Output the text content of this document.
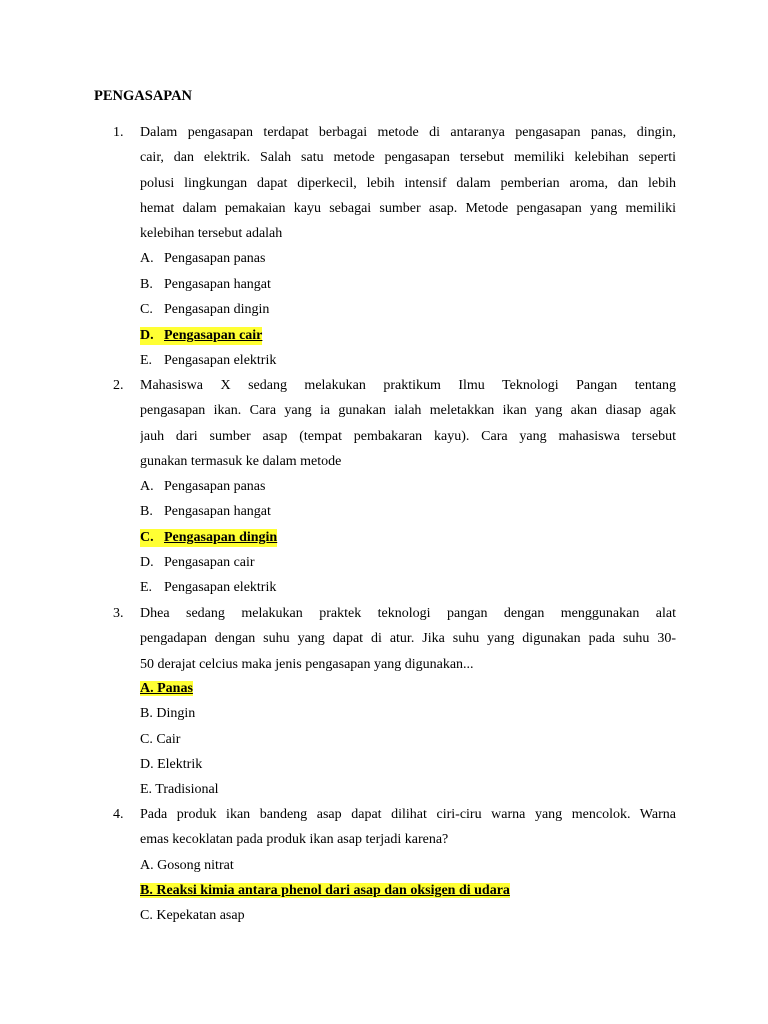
PENGASAPAN
1. Dalam pengasapan terdapat berbagai metode di antaranya pengasapan panas, dingin,
cair, dan elektrik. Salah satu metode pengasapan tersebut memiliki kelebihan seperti
polusi lingkungan dapat diperkecil, lebih intensif dalam pemberian aroma, dan lebih
hemat dalam pemakaian kayu sebagai sumber asap. Metode pengasapan yang memiliki
kelebihan tersebut adalah
A. Pengasapan panas
B. Pengasapan hangat
C. Pengasapan dingin
D. Pengasapan cair
E. Pengasapan elektrik
2. Mahasiswa X sedang melakukan praktikum Ilmu Teknologi Pangan tentang
pengasapan ikan. Cara yang ia gunakan ialah meletakkan ikan yang akan diasap agak
jauh dari sumber asap (tempat pembakaran kayu). Cara yang mahasiswa tersebut
gunakan termasuk ke dalam metode
A. Pengasapan panas
B. Pengasapan hangat
C. Pengasapan dingin
D. Pengasapan cair
E. Pengasapan elektrik
3. Dhea sedang melakukan praktek teknologi pangan dengan menggunakan alat
pengadapan dengan suhu yang dapat di atur. Jika suhu yang digunakan pada suhu 30-
50 derajat celcius maka jenis pengasapan yang digunakan...
A. Panas
B. Dingin
C. Cair
D. Elektrik
E. Tradisional
4. Pada produk ikan bandeng asap dapat dilihat ciri-ciru warna yang mencolok. Warna
emas kecoklatan pada produk ikan asap terjadi karena?
A. Gosong nitrat
B. Reaksi kimia antara phenol dari asap dan oksigen di udara
C. Kepekatan asap
